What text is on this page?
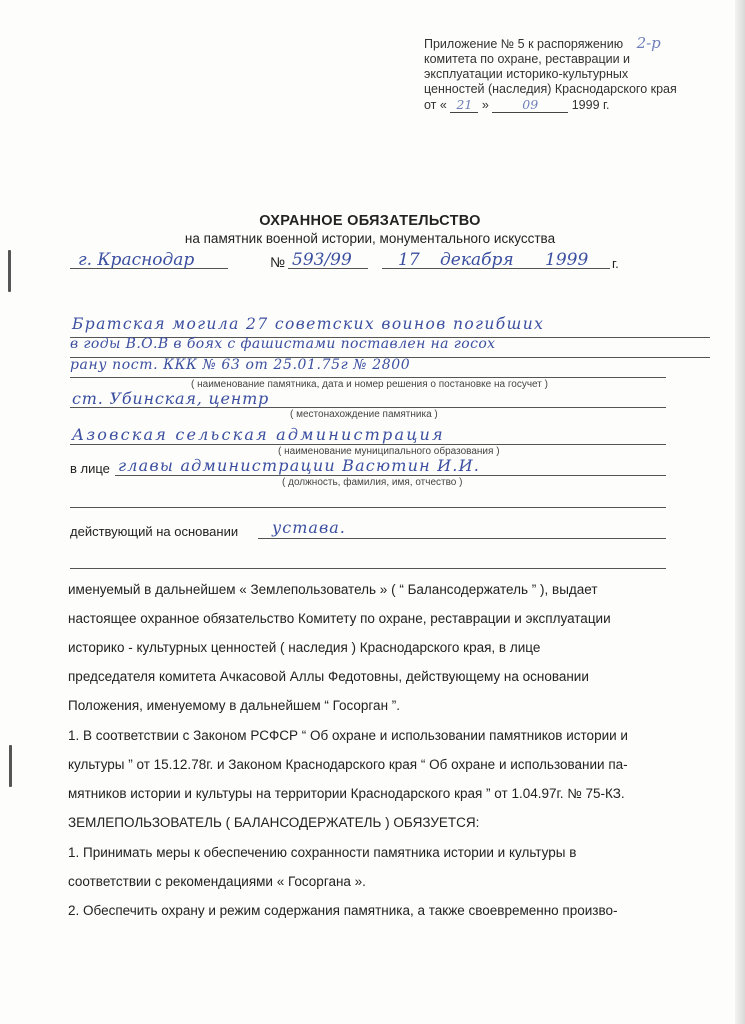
Приложение № 5 к распоряжению 2-р
комитета по охране, реставрации и
эксплуатации историко-культурных
ценностей (наследия) Краснодарского края
от « 21 »	09	1999 г.
ОХРАННОЕ ОБЯЗАТЕЛЬСТВО
на памятник военной истории, монументального искусства
г. Краснодар	№ 593/99	17 декабря 1999 г.
Братская могила 27 советских воинов погибших
в годы В.О.В в боях с фашистами поставлен на госох
рану пост. ККК № 63 от 25.01.75г № 2800
( наименование памятника, дата и номер решения о постановке на госучет )
ст. Убинская, центр
( местонахождение памятника )
Азовская сельская администрация
( наименование муниципального образования )
в лице главы администрации Васютин И.И.
( должность, фамилия, имя, отчество )
действующий на основании устава.
именуемый в дальнейшем « Землепользователь » ( “ Балансодержатель ” ), выдает
настоящее охранное обязательство Комитету по охране, реставрации и эксплуатации
историко - культурных ценностей ( наследия ) Краснодарского края, в лице
председателя комитета Ачкасовой Аллы Федотовны, действующему на основании
Положения, именуемому в дальнейшем “ Госорган ”.
1. В соответствии с Законом РСФСР “ Об охране и использовании памятников истории и
культуры ” от 15.12.78г. и Законом Краснодарского края “ Об охране и использовании па-
мятников истории и культуры на территории Краснодарского края ” от 1.04.97г. № 75-КЗ.
ЗЕМЛЕПОЛЬЗОВАТЕЛЬ ( БАЛАНСОДЕРЖАТЕЛЬ ) ОБЯЗУЕТСЯ:
1. Принимать меры к обеспечению сохранности памятника истории и культуры в
соответствии с рекомендациями « Госоргана ».
2. Обеспечить охрану и режим содержания памятника, а также своевременно произво-
